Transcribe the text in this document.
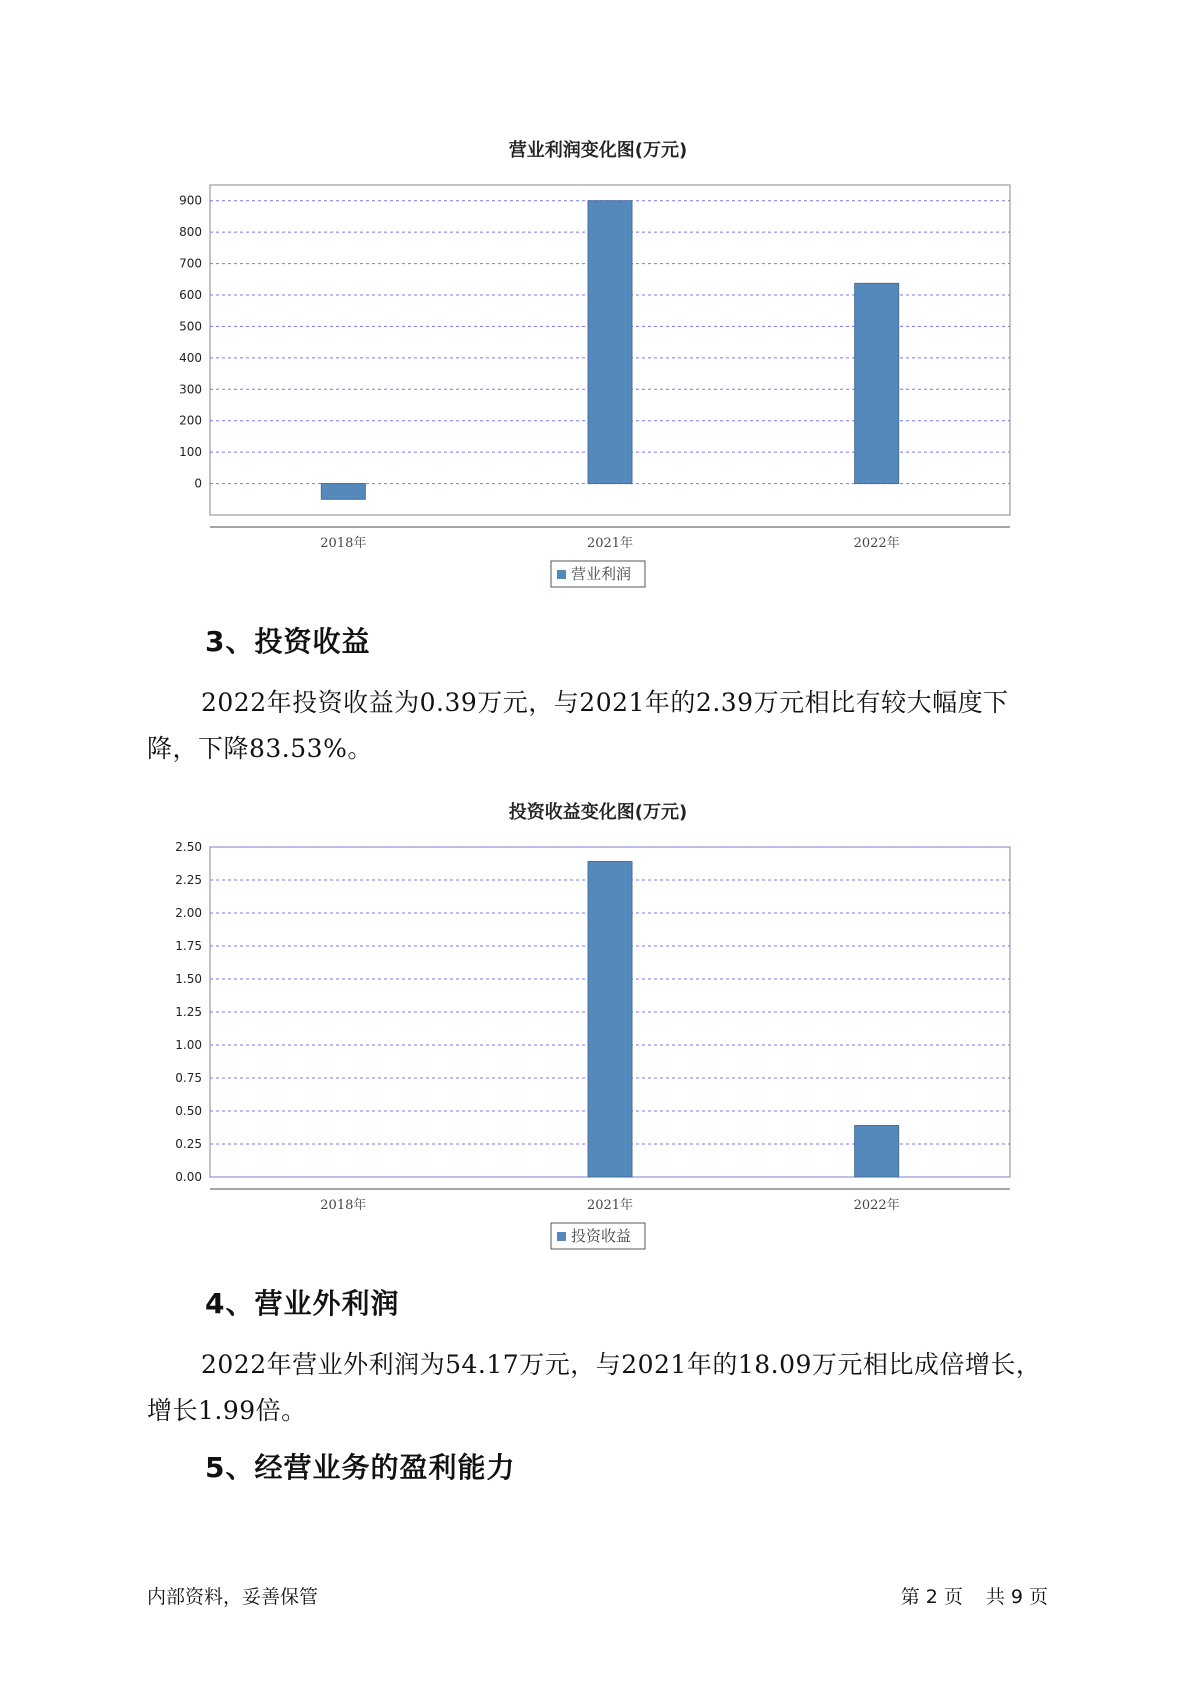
营业利润变化图(万元)
900
800
700
600
500
400
300
200
100
0
2018年	2021年	2022年
营业利润
3、投资收益

2022年投资收益为0.39万元，与2021年的2.39万元相比有较大幅度下降，下降83.53%。

投资收益变化图(万元)
2.50
2.25
2.00
1.75
1.50
1.25
1.00
0.75
0.50
0.25
0.00
2018年	2021年	2022年
投资收益
4、营业外利润

2022年营业外利润为54.17万元，与2021年的18.09万元相比成倍增长，增长1.99倍。

5、经营业务的盈利能力
内部资料，妥善保管	第 2 页 共 9 页
